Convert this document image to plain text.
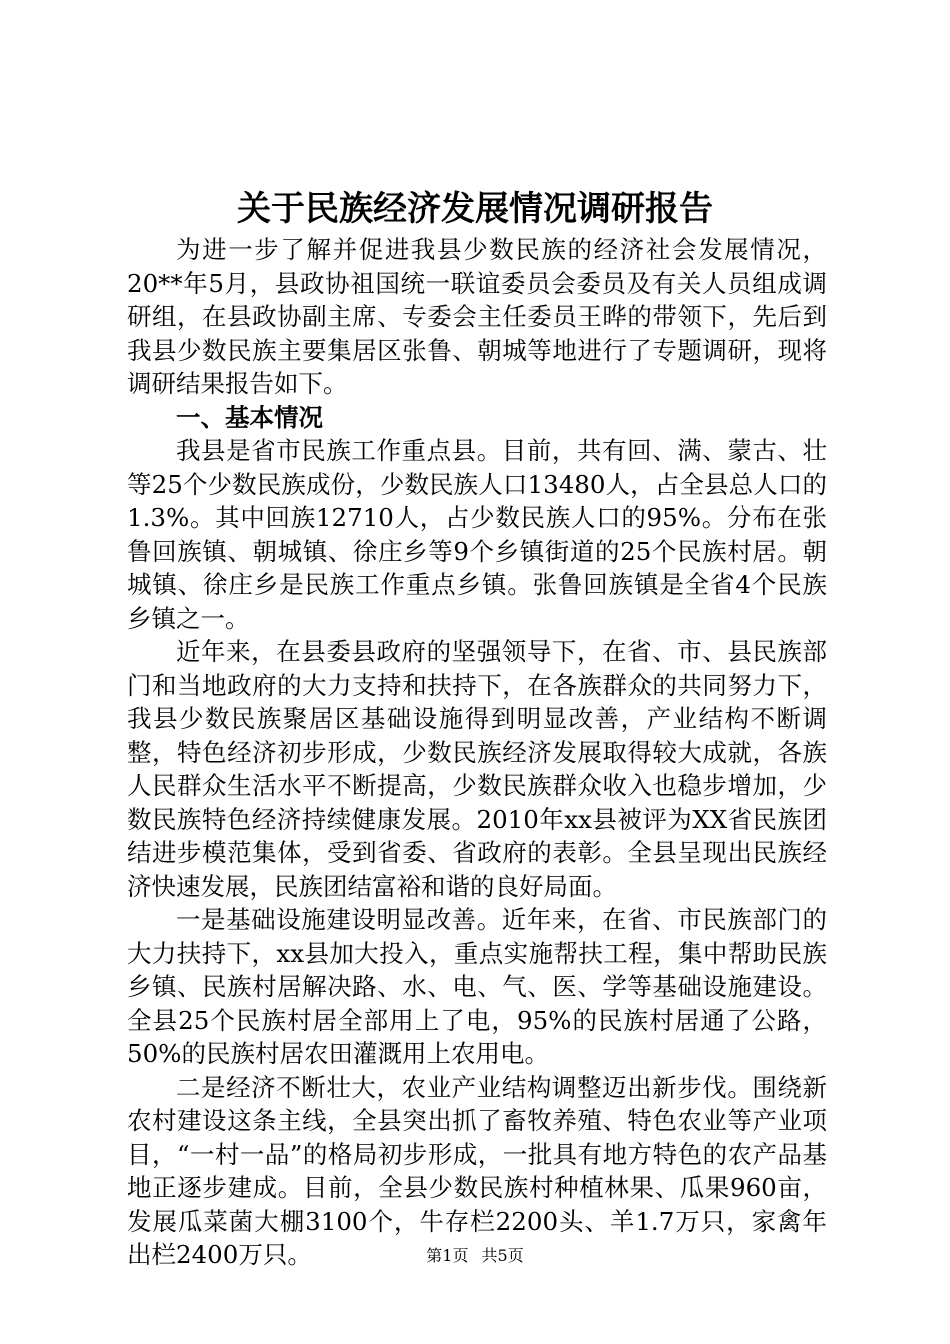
关于民族经济发展情况调研报告

为进一步了解并促进我县少数民族的经济社会发展情况，20**年5月，县政协祖国统一联谊委员会委员及有关人员组成调研组，在县政协副主席、专委会主任委员王晔的带领下，先后到我县少数民族主要集居区张鲁、朝城等地进行了专题调研，现将调研结果报告如下。

一、基本情况

我县是省市民族工作重点县。目前，共有回、满、蒙古、壮等25个少数民族成份，少数民族人口13480人，占全县总人口的1.3%。其中回族12710人，占少数民族人口的95%。分布在张鲁回族镇、朝城镇、徐庄乡等9个乡镇街道的25个民族村居。朝城镇、徐庄乡是民族工作重点乡镇。张鲁回族镇是全省4个民族乡镇之一。

近年来，在县委县政府的坚强领导下，在省、市、县民族部门和当地政府的大力支持和扶持下，在各族群众的共同努力下，我县少数民族聚居区基础设施得到明显改善，产业结构不断调整，特色经济初步形成，少数民族经济发展取得较大成就，各族人民群众生活水平不断提高，少数民族群众收入也稳步增加，少数民族特色经济持续健康发展。2010年xx县被评为XX省民族团结进步模范集体，受到省委、省政府的表彰。全县呈现出民族经济快速发展，民族团结富裕和谐的良好局面。

一是基础设施建设明显改善。近年来，在省、市民族部门的大力扶持下，xx县加大投入，重点实施帮扶工程，集中帮助民族乡镇、民族村居解决路、水、电、气、医、学等基础设施建设。全县25个民族村居全部用上了电，95%的民族村居通了公路，50%的民族村居农田灌溉用上农用电。

二是经济不断壮大，农业产业结构调整迈出新步伐。围绕新农村建设这条主线，全县突出抓了畜牧养殖、特色农业等产业项目，“一村一品”的格局初步形成，一批具有地方特色的农产品基地正逐步建成。目前，全县少数民族村种植林果、瓜果960亩，发展瓜菜菌大棚3100个，牛存栏2200头、羊1.7万只，家禽年出栏2400万只。	第1页 共5页
